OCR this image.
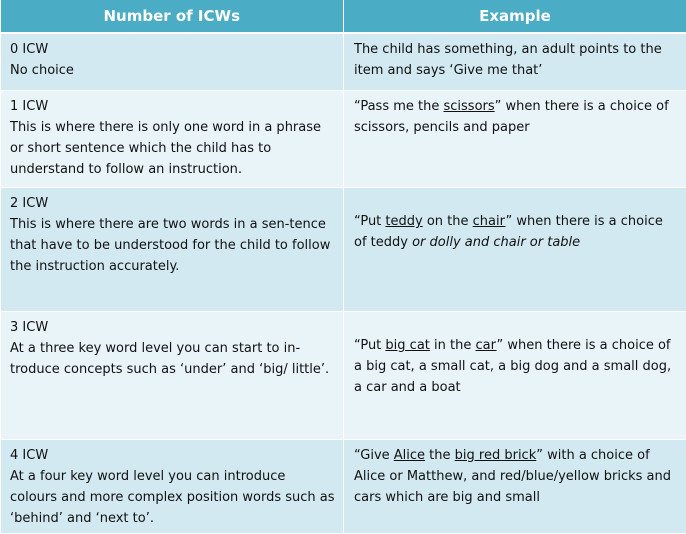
Number of ICWs	Example

0 ICW
No choice	The child has something, an adult points to the item and says ‘Give me that’

1 ICW
This is where there is only one word in a phrase or short sentence which the child has to understand to follow an instruction.	“Pass me the scissors” when there is a choice of scissors, pencils and paper

2 ICW
This is where there are two words in a sen-tence that have to be understood for the child to follow the instruction accurately.	“Put teddy on the chair” when there is a choice of teddy or dolly and chair or table

3 ICW
At a three key word level you can start to in-troduce concepts such as ‘under’ and ‘big/ little’.	“Put big cat in the car” when there is a choice of a big cat, a small cat, a big dog and a small dog, a car and a boat

4 ICW
At a four key word level you can introduce colours and more complex position words such as ‘behind’ and ‘next to’.	“Give Alice the big red brick” with a choice of Alice or Matthew, and red/blue/yellow bricks and cars which are big and small
